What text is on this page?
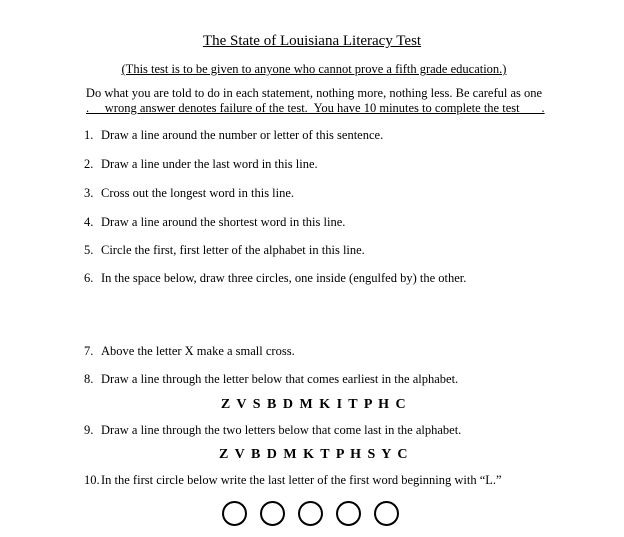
The State of Louisiana Literacy Test
(This test is to be given to anyone who cannot prove a fifth grade education.)
Do what you are told to do in each statement, nothing more, nothing less. Be careful as one
.     wrong answer denotes failure of the test.  You have 10 minutes to complete the test       .
1. Draw a line around the number or letter of this sentence.
2. Draw a line under the last word in this line.
3. Cross out the longest word in this line.
4. Draw a line around the shortest word in this line.
5. Circle the first, first letter of the alphabet in this line.
6. In the space below, draw three circles, one inside (engulfed by) the other.
7. Above the letter X make a small cross.
8. Draw a line through the letter below that comes earliest in the alphabet.
Z V S B D M K I T P H C
9. Draw a line through the two letters below that come last in the alphabet.
Z V B D M K T P H S Y C
10.In the first circle below write the last letter of the first word beginning with “L.”
